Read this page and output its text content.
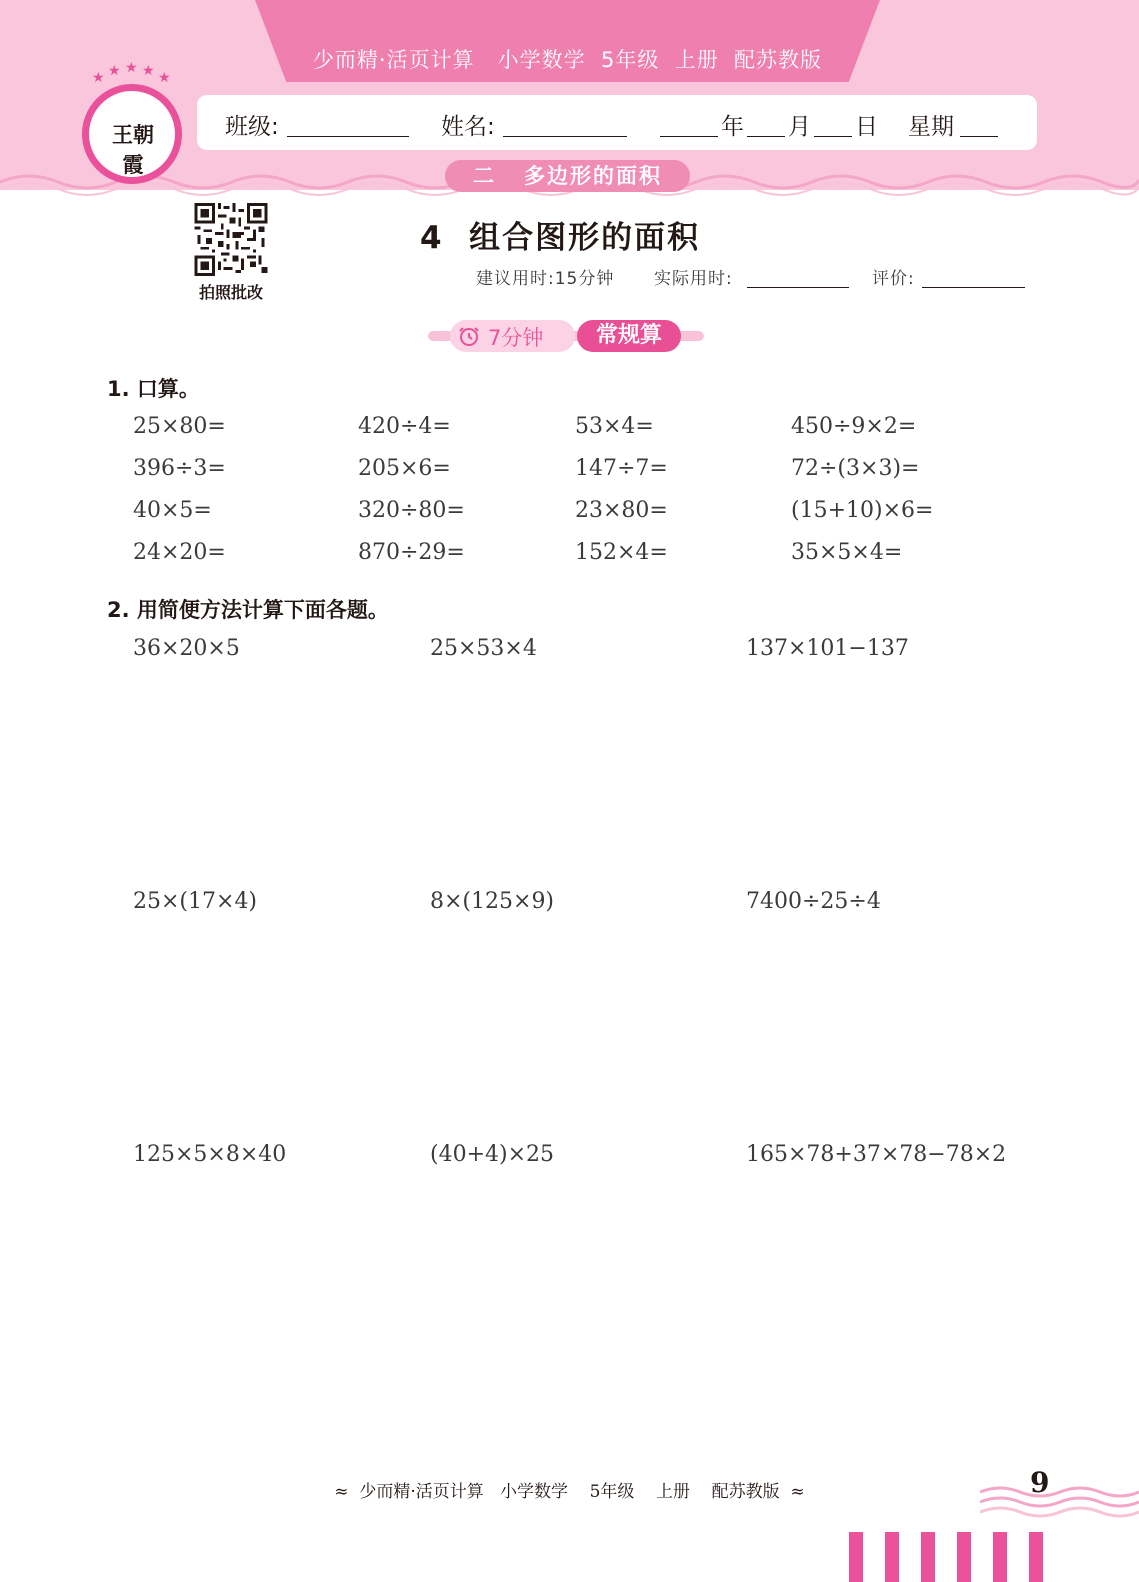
少而精·活页计算   小学数学  5年级  上册  配苏教版
班级:	姓名:	年 月 日 星期
★ ★ ★ ★ ★
王朝霞	二   多边形的面积
拍照批改
4  组合图形的面积
建议用时:15分钟 实际用时:	评价:
7分钟	常规算
1. 口算。
25×80=	420÷4=	53×4=	450÷9×2=
396÷3=	205×6=	147÷7=	72÷(3×3)=
40×5=	320÷80=	23×80=	(15+10)×6=
24×20=	870÷29=	152×4=	35×5×4=
2. 用简便方法计算下面各题。
36×20×5	25×53×4	137×101−137
25×(17×4)	8×(125×9)	7400÷25÷4
125×5×8×40	(40+4)×25	165×78+37×78−78×2
≈  少而精·活页计算   小学数学    5年级    上册    配苏教版  ≈	9
